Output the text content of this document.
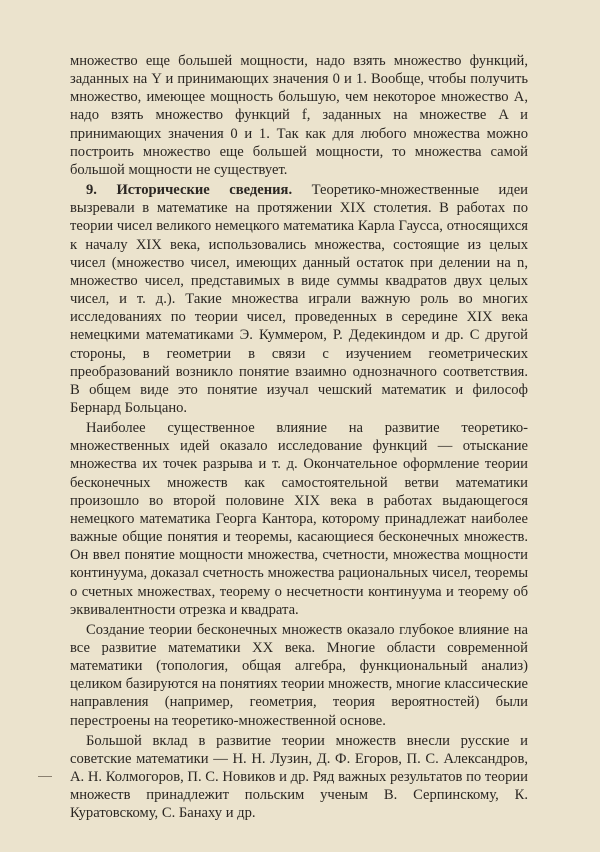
множество еще большей мощности, надо взять множество функций, заданных на Y и принимающих значения 0 и 1. Вообще, чтобы получить множество, имеющее мощность большую, чем некоторое множество A, надо взять множество функций f, заданных на множестве A и принимающих значения 0 и 1. Так как для любого множества можно построить множество еще большей мощности, то множества самой большой мощности не существует.

9. Исторические сведения. Теоретико-множественные идеи вызревали в математике на протяжении XIX столетия. В работах по теории чисел великого немецкого математика Карла Гаусса, относящихся к началу XIX века, использовались множества, состоящие из целых чисел (множество чисел, имеющих данный остаток при делении на n, множество чисел, представимых в виде суммы квадратов двух целых чисел, и т. д.). Такие множества играли важную роль во многих исследованиях по теории чисел, проведенных в середине XIX века немецкими математиками Э. Куммером, Р. Дедекиндом и др. С другой стороны, в геометрии в связи с изучением геометрических преобразований возникло понятие взаимно однозначного соответствия. В общем виде это понятие изучал чешский математик и философ Бернард Больцано.

Наиболее существенное влияние на развитие теоретико-множественных идей оказало исследование функций — отыскание множества их точек разрыва и т. д. Окончательное оформление теории бесконечных множеств как самостоятельной ветви математики произошло во второй половине XIX века в работах выдающегося немецкого математика Георга Кантора, которому принадлежат наиболее важные общие понятия и теоремы, касающиеся бесконечных множеств. Он ввел понятие мощности множества, счетности, множества мощности континуума, доказал счетность множества рациональных чисел, теоремы о счетных множествах, теорему о несчетности континуума и теорему об эквивалентности отрезка и квадрата.

Создание теории бесконечных множеств оказало глубокое влияние на все развитие математики XX века. Многие области современной математики (топология, общая алгебра, функциональный анализ) целиком базируются на понятиях теории множеств, многие классические направления (например, геометрия, теория вероятностей) были перестроены на теоретико-множественной основе.

Большой вклад в развитие теории множеств внесли русские и советские математики — Н. Н. Лузин, Д. Ф. Егоров, П. С. Александров, А. Н. Колмогоров, П. С. Новиков и др. Ряд важных результатов по теории множеств принадлежит польским ученым В. Серпинскому, К. Куратовскому, С. Банаху и др.
